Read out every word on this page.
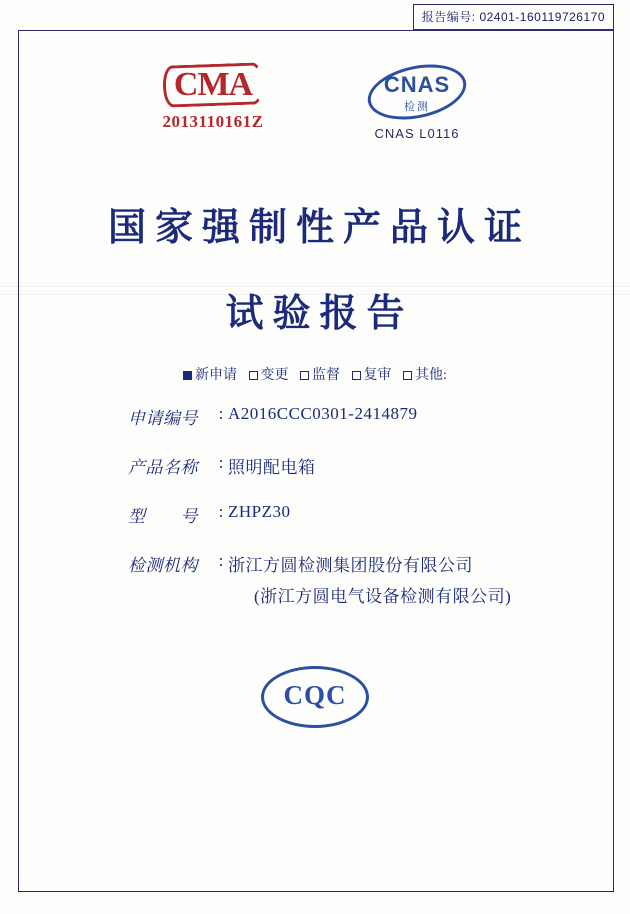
报告编号: 02401-160119726170
CMA
2013110161Z
CNAS
检测
CNAS L0116
国家强制性产品认证
试验报告
新申请 变更 监督 复审 其他:
申请编号	: A2016CCC0301-2414879
产品名称	: 照明配电箱
型　　号	: ZHPZ30
检测机构	: 浙江方圆检测集团股份有限公司
(浙江方圆电气设备检测有限公司)
CQC
